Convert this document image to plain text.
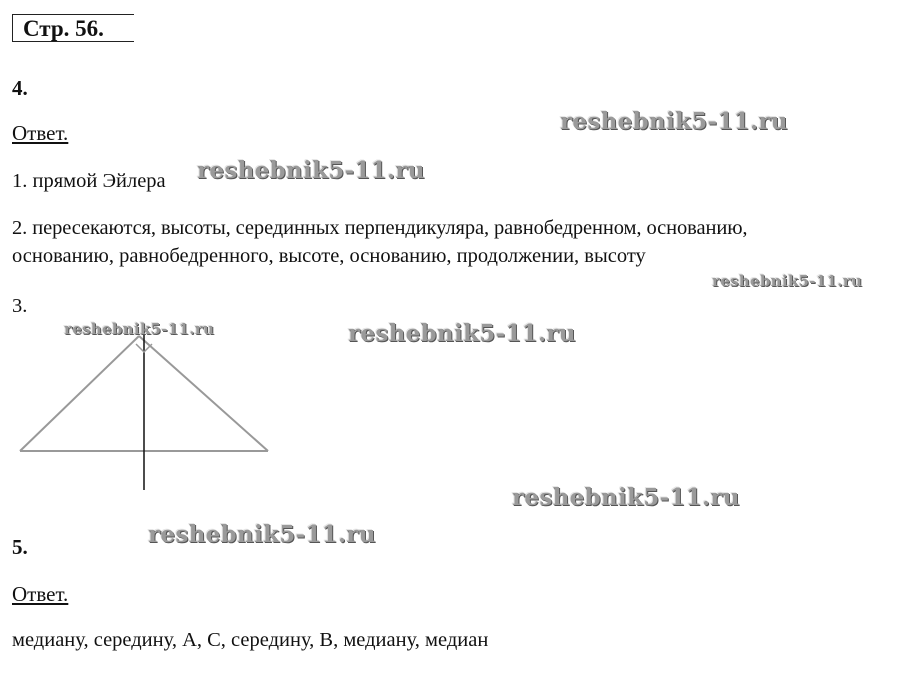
Стр. 56.
4.
Ответ.
1. прямой Эйлера
2. пересекаются, высоты, серединных перпендикуляра, равнобедренном, основанию,
основанию, равнобедренного, высоте, основанию, продолжении, высоту
3.
5.
Ответ.
медиану, середину, A, C, середину, B, медиану, медиан
reshebnik5-11.ru
reshebnik5-11.ru
reshebnik5-11.ru
reshebnik5-11.ru	reshebnik5-11.ru
reshebnik5-11.ru
reshebnik5-11.ru
